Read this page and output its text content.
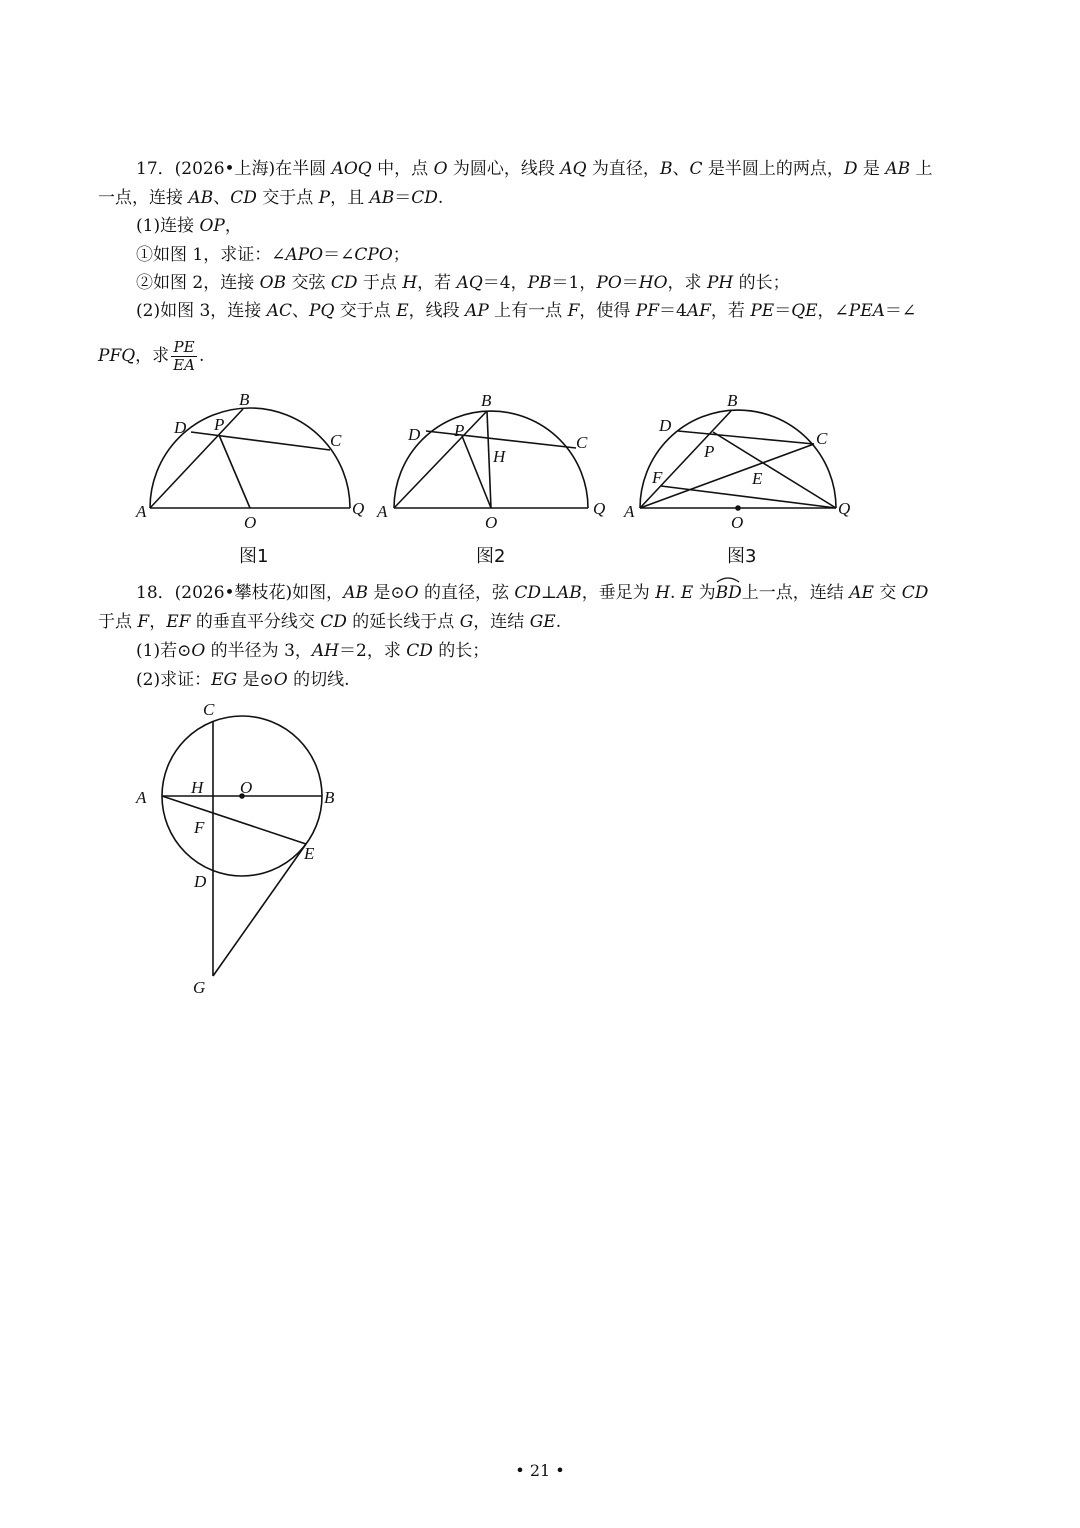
17．(2026•上海)在半圆 AOQ 中，点 O 为圆心，线段 AQ 为直径，B、C 是半圆上的两点，D 是 AB 上
一点，连接 AB、CD 交于点 P，且 AB＝CD.
(1)连接 OP，
①如图 1，求证：∠APO＝∠CPO；
②如图 2，连接 OB 交弦 CD 于点 H，若 AQ＝4，PB＝1，PO＝HO，求 PH 的长；
(2)如图 3，连接 AC、PQ 交于点 E，线段 AP 上有一点 F，使得 PF＝4AF，若 PE＝QE，∠PEA＝∠
PFQ，求 $\frac{PE}{EA}$ .
A
B
C
D P
O
Q
图1
A
B
C
D P
H
O
Q
图2
A
B
C
D
P
E
F
O
Q
图3
18．(2026•攀枝花)如图，AB 是⊙O 的直径，弦 CD⊥AB，垂足为 H. E 为
BD上一点，连结 AE 交 CD
于点 F，EF 的垂直平分线交 CD 的延长线于点 G，连结 GE.
(1)若⊙O 的半径为 3，AH＝2，求 CD 的长；
(2)求证：EG 是⊙O 的切线.
C
A
H O
B
F
E
D
G
• 21 •
